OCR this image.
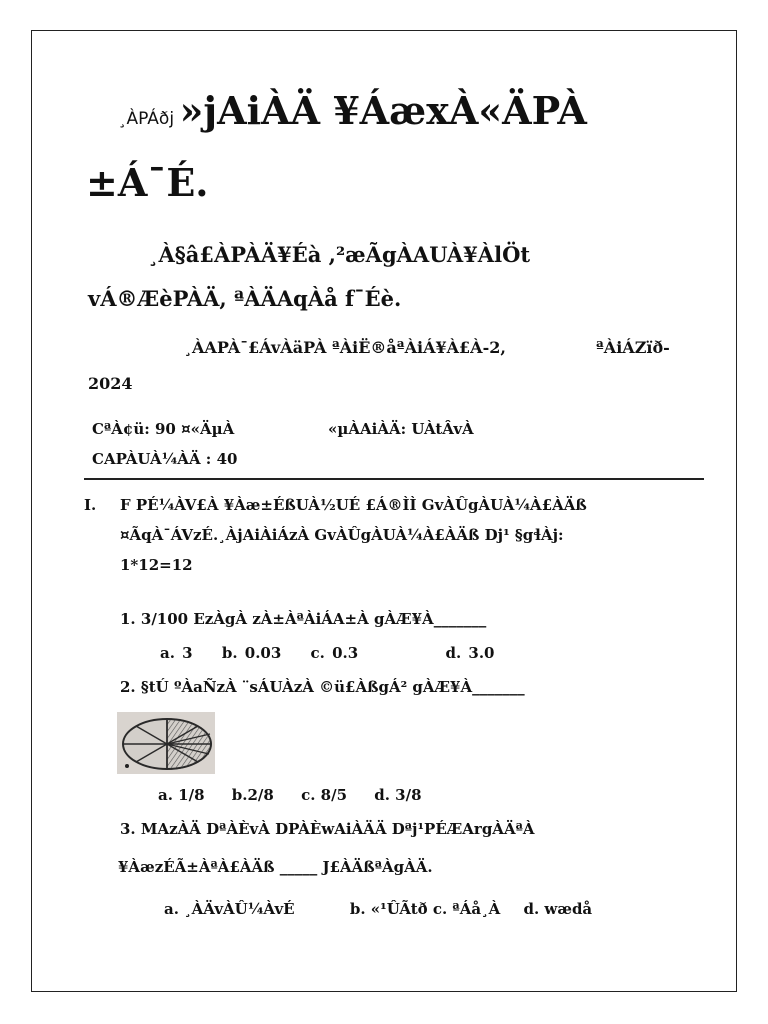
¸ÀPÁðj »jAiÀÄ ¥ÁæxÀ«ÄPÀ
±Á¯É.
¸À§â£ÀPÀÄ¥Éà ,²æÃgÀAUÀ¥ÀlÖt
vÁ®ÆèPÀÄ, ªÀÄAqÀå f¯Éè.
¸ÀAPÀ¯£ÁvÀäPÀ ªÀiË®åªÀiÁ¥À£À-2,	ªÀiÁZïð-
2024
CªÀ¢ü: 90 ¤«ÄµÀ	«µÀAiÀÄ: UÀtÂvÀ
CAPÀUÀ¼ÀÄ : 40
I. F PÉ¼ÀV£À ¥Àæ±ÉßUÀ½UÉ £Á®ÌÌ GvÀÛgÀUÀ¼À£ÀÄß
¤ÃqÀ¯ÁVzÉ.¸ÀjAiÀiÁzÀ GvÀÛgÀUÀ¼À£ÀÄß Dj¹ §gɬÀj:
1*12=12
1. 3/100 EzÀgÀ zÀ±ÀªÀiÁA±À gÀÆ¥À_______
a. 3 b. 0.03 c. 0.3	d. 3.0
2. §tÚ ºÀaÑzÀ ¨sÁUÀzÀ ©ü£ÀßgÁ² gÀÆ¥À_______
a. 1/8 b.2/8 c. 8/5 d. 3/8
3. MAzÀÄ DªÀÈvÀ DPÀÈwAiÀÄÄ Dªj¹PÉÆArgÀÄªÀ
¥ÀæzÉÃ±ÀªÀ£ÀÄß _____ J£ÀÄßªÀgÀÄ.
a. ¸ÀÄvÀÛ¼ÀvÉ	b. «¹ÛÃtð c. ªÁå¸À d. wædå
